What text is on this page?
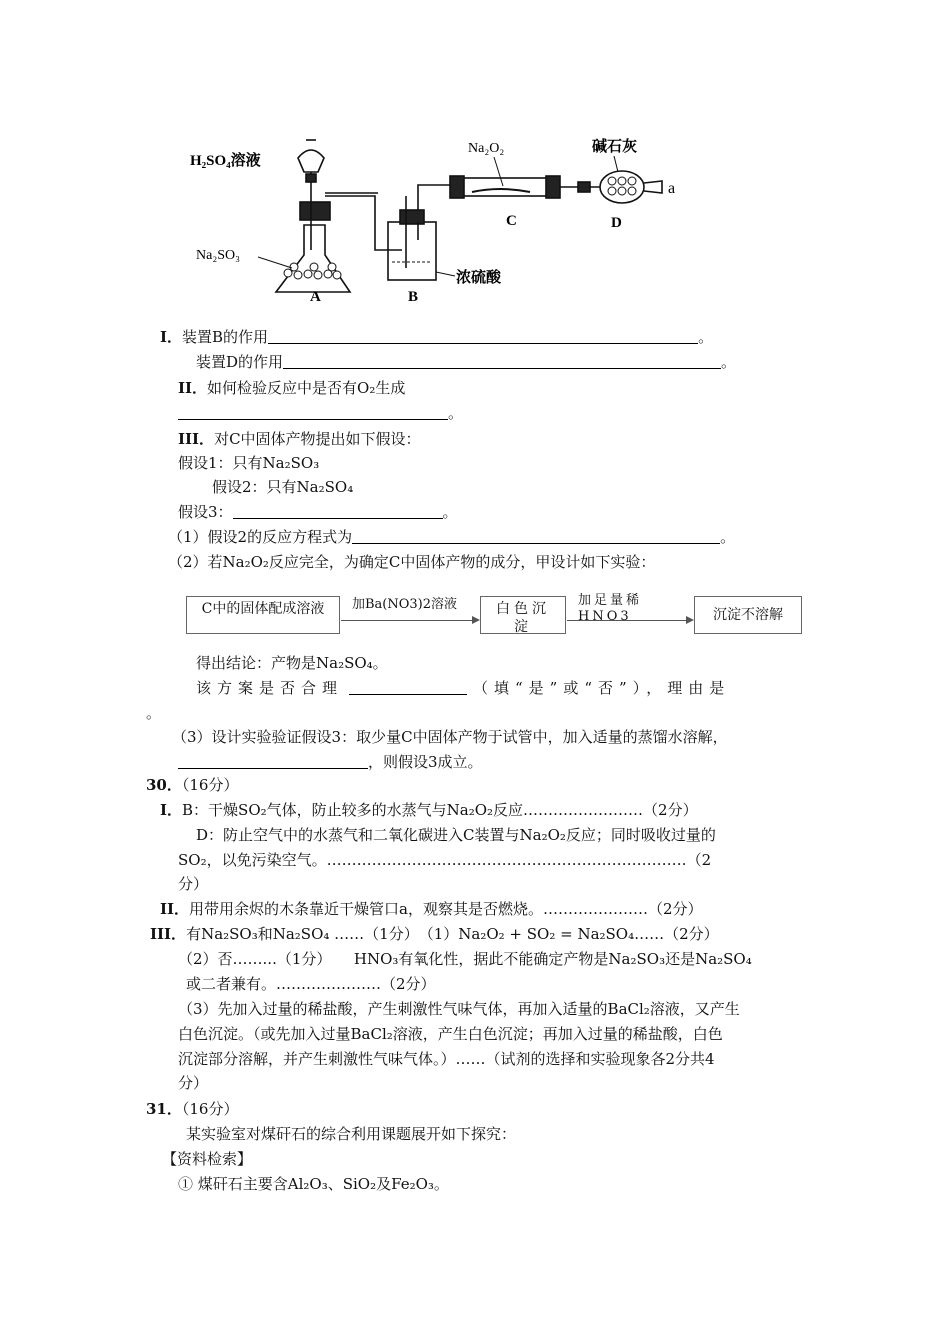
H₂SO₄溶液
Na₂SO₃
浓硫酸
Na₂O₂	碱石灰
a
A	B
C	D
I．装置B的作用	。
装置D的作用	。
II．如何检验反应中是否有O₂生成
。
III．对C中固体产物提出如下假设：
假设1：只有Na₂SO₃
假设2：只有Na₂SO₄
假设3：	。
（1）假设2的反应方程式为	。
（2）若Na₂O₂反应完全，为确定C中固体产物的成分，甲设计如下实验：
C中的固体配成溶液	加Ba(NO3)2溶液	白色沉淀
加足量稀HNO3	沉淀不溶解
得出结论：产物是Na₂SO₄。
该方案是否合理	（填“是”或“否”），理由是
。
（3）设计实验验证假设3：取少量C中固体产物于试管中，加入适量的蒸馏水溶解，
，则假设3成立。
30．（16分）
I．B：干燥SO₂气体，防止较多的水蒸气与Na₂O₂反应……………………（2分）
D：防止空气中的水蒸气和二氧化碳进入C装置与Na₂O₂反应；同时吸收过量的
SO₂，以免污染空气。………………………………………………………………（2
分）
II．用带用余烬的木条靠近干燥管口a，观察其是否燃烧。…………………（2分）
III．有Na₂SO₃和Na₂SO₄ ……（1分）　（1）Na₂O₂ + SO₂ = Na₂SO₄……（2分）
（2）否……...（1分）　　HNO₃有氧化性，据此不能确定产物是Na₂SO₃还是Na₂SO₄
或二者兼有。…………………（2分）
（3）先加入过量的稀盐酸，产生刺激性气味气体，再加入适量的BaCl₂溶液，又产生
白色沉淀。（或先加入过量BaCl₂溶液，产生白色沉淀；再加入过量的稀盐酸，白色
沉淀部分溶解，并产生刺激性气味气体。）……（试剂的选择和实验现象各2分共4
分）
31．（16分）
某实验室对煤矸石的综合利用课题展开如下探究：
【资料检索】
① 煤矸石主要含Al₂O₃、SiO₂及Fe₂O₃。
